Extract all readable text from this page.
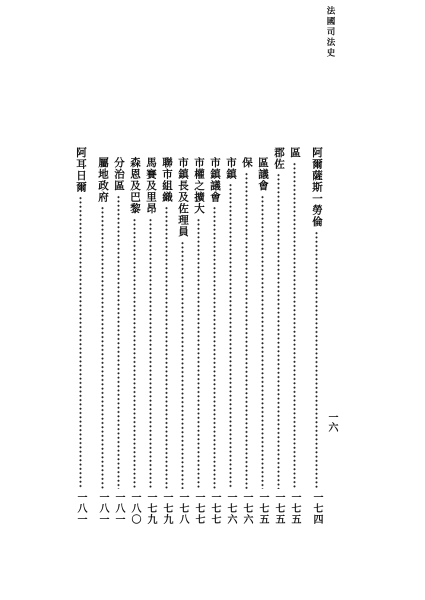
法國司法史
一六
阿爾薩斯一勞倫
一七四
區
一七五
郡佐
一七五
區議會
一七五
保
一七六
市鎮
一七六
市鎮議會
一七七
市權之擴大
一七七
市鎮長及佐理員
一七八
聯市組織
一七九
馬賽及里昂
一七九
森恩及巴黎
一八〇
分治區
一八一
屬地政府
一八一
阿耳日爾
一八一
